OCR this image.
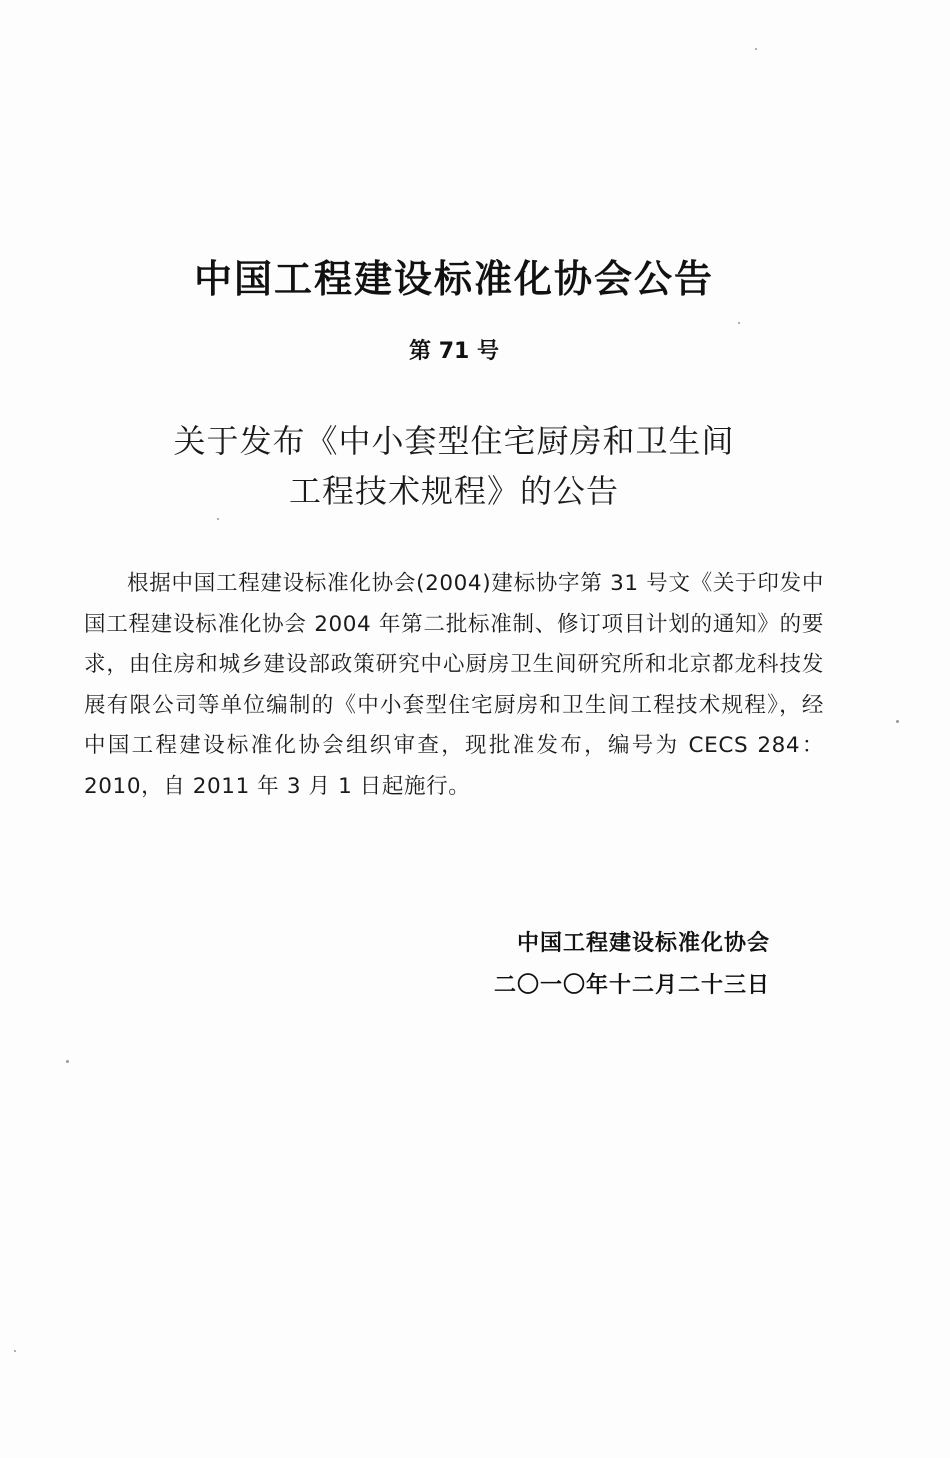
中国工程建设标准化协会公告
第 71 号
关于发布《中小套型住宅厨房和卫生间
工程技术规程》的公告
根据中国工程建设标准化协会(2004)建标协字第 31 号文《关于印发中国工程建设标准化协会 2004 年第二批标准制、修订项目计划的通知》的要求，由住房和城乡建设部政策研究中心厨房卫生间研究所和北京都龙科技发展有限公司等单位编制的《中小套型住宅厨房和卫生间工程技术规程》，经中国工程建设标准化协会组织审查，现批准发布，编号为 CECS 284：2010，自 2011 年 3 月 1 日起施行。
中国工程建设标准化协会
二〇一〇年十二月二十三日
